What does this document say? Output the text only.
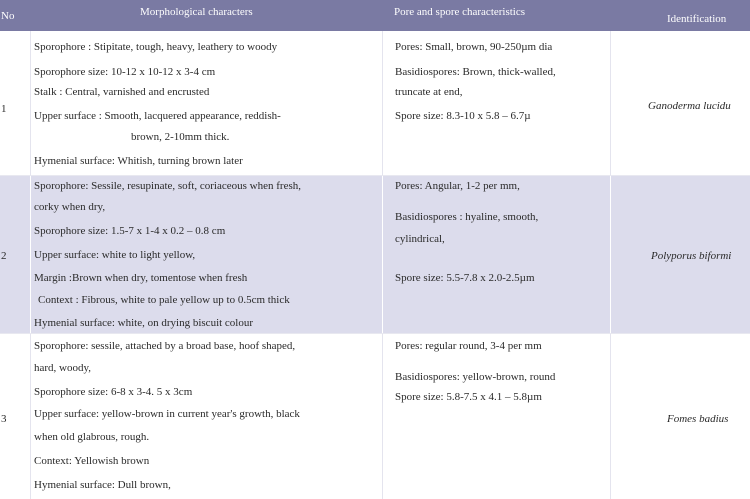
No	Morphological characters	Pore and spore characteristics
Identification
1
Sporophore : Stipitate, tough, heavy, leathery to woody
Sporophore size: 10-12 x 10-12 x 3-4 cm
Stalk : Central, varnished and encrusted
Upper surface : Smooth, lacquered appearance, reddish-
brown, 2-10mm thick.
Hymenial surface: Whitish, turning brown later
Pores: Small, brown, 90-250µm dia
Basidiospores: Brown, thick-walled,
truncate at end,
Spore size: 8.3-10 x 5.8 – 6.7µ
Ganoderma lucidu
2
Sporophore: Sessile, resupinate, soft, coriaceous when fresh,
corky when dry,
Sporophore size: 1.5-7 x 1-4 x 0.2 – 0.8 cm
Upper surface: white to light yellow,
Margin :Brown when dry, tomentose when fresh
Context : Fibrous, white to pale yellow up to 0.5cm thick
Hymenial surface: white, on drying biscuit colour
Pores: Angular, 1-2 per mm,
Basidiospores : hyaline, smooth,
cylindrical,
Spore size: 5.5-7.8 x 2.0-2.5µm
Polyporus biformi
3
Sporophore: sessile, attached by a broad base, hoof shaped,
hard, woody,
Sporophore size: 6-8 x 3-4. 5 x 3cm
Upper surface: yellow-brown in current year's growth, black
when old glabrous, rough.
Context: Yellowish brown
Hymenial surface: Dull brown,
Pores: regular round, 3-4 per mm
Basidiospores: yellow-brown, round
Spore size: 5.8-7.5 x 4.1 – 5.8µm
Fomes badius
